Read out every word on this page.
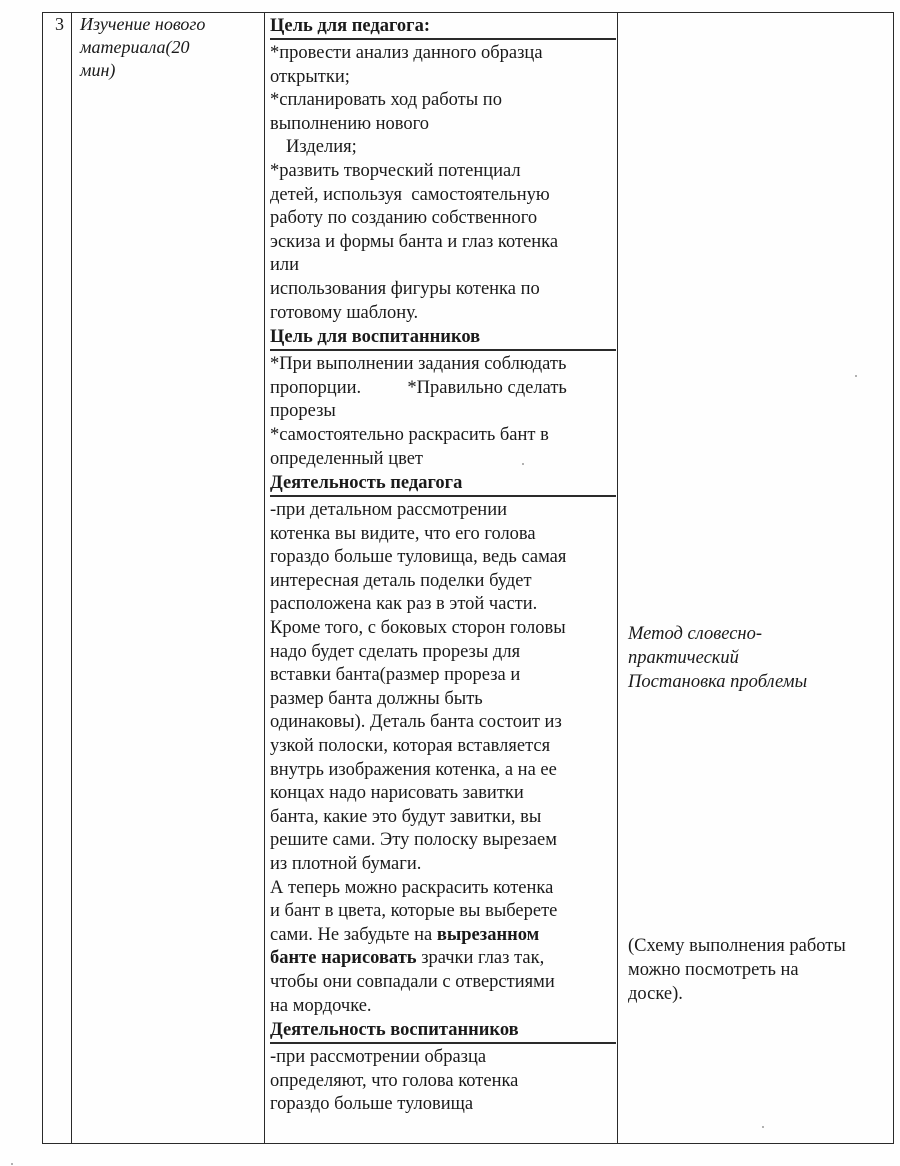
3 Изучение нового
материала(20
мин)
Цель для педагога:
*провести анализ данного образца
открытки;
*спланировать ход работы по
выполнению нового
Изделия;
*развить творческий потенциал
детей, используя  самостоятельную
работу по созданию собственного
эскиза и формы банта и глаз котенка
или
использования фигуры котенка по
готовому шаблону.
Цель для воспитанников
*При выполнении задания соблюдать
пропорции.          *Правильно сделать
прорезы
*самостоятельно раскрасить бант в
определенный цвет
Деятельность педагога
-при детальном рассмотрении
котенка вы видите, что его голова
гораздо больше туловища, ведь самая
интересная деталь поделки будет
расположена как раз в этой части.
Кроме того, с боковых сторон головы
надо будет сделать прорезы для
вставки банта(размер прореза и
размер банта должны быть
одинаковы). Деталь банта состоит из
узкой полоски, которая вставляется
внутрь изображения котенка, а на ее
концах надо нарисовать завитки
банта, какие это будут завитки, вы
решите сами. Эту полоску вырезаем
из плотной бумаги.
А теперь можно раскрасить котенка
и бант в цвета, которые вы выберете
сами. Не забудьте на вырезанном
банте нарисовать зрачки глаз так,
чтобы они совпадали с отверстиями
на мордочке.
Деятельность воспитанников
-при рассмотрении образца
определяют, что голова котенка
гораздо больше туловища
Метод словесно-
практический
Постановка проблемы
(Схему выполнения работы
можно посмотреть на
доске).
